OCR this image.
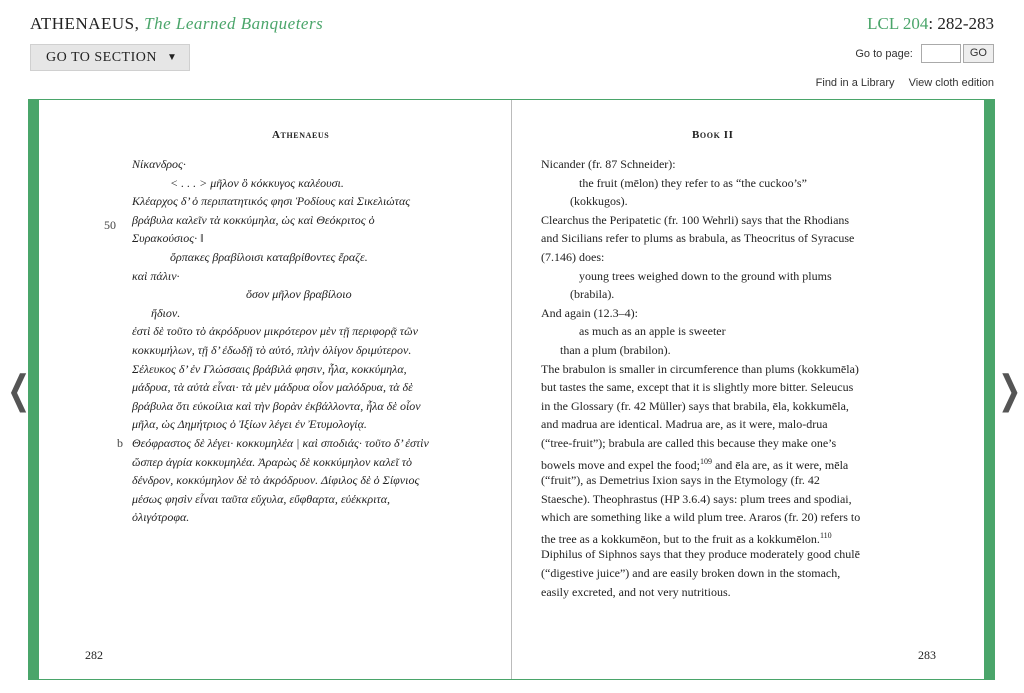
ATHENAEUS, The Learned Banqueters	LCL 204: 282-283
GO TO SECTION ▼	Go to page:	GO
Find in a Library View cloth edition
Athenaeus	Book II
50
b
Νίκανδρος·
< . . . > μῆλον ὃ κόκκυγος καλέουσι.
Κλέαρχος δ’ ὁ περιπατητικός φησι Ῥοδίους καὶ Σικελιώτας
βράβυλα καλεῖν τὰ κοκκύμηλα, ὡς καὶ Θεόκριτος ὁ
Συρακούσιος· ‖
ὄρπακες βραβίλοισι καταβρίθοντες ἔραζε.
καὶ πάλιν·
ὅσον μῆλον βραβίλοιο
ἥδιον.
ἐστὶ δὲ τοῦτο τὸ ἀκρόδρυον μικρότερον μὲν τῇ περιφορᾷ τῶν
κοκκυμήλων, τῇ δ’ ἐδωδῇ τὸ αὐτό, πλὴν ὀλίγον δριμύτερον.
Σέλευκος δ’ ἐν Γλώσσαις βράβιλά φησιν, ἦλα, κοκκύμηλα,
μάδρυα, τὰ αὐτὰ εἶναι· τὰ μὲν μάδρυα οἷον μαλόδρυα, τὰ δὲ
βράβυλα ὅτι εὐκοίλια καὶ τὴν βορὰν ἐκβάλλοντα, ἦλα δὲ οἷον
μῆλα, ὡς Δημήτριος ὁ Ἰξίων λέγει ἐν Ἐτυμολογίᾳ.
Θεόφραστος δὲ λέγει· κοκκυμηλέα | καὶ σποδιάς· τοῦτο δ’ ἐστὶν
ὥσπερ ἀγρία κοκκυμηλέα. Ἀραρὼς δὲ κοκκύμηλον καλεῖ τὸ
δένδρον, κοκκύμηλον δὲ τὸ ἀκρόδρυον. Δίφιλος δὲ ὁ Σίφνιος
μέσως φησὶν εἶναι ταῦτα εὔχυλα, εὔφθαρτα, εὐέκκριτα,
ὀλιγότροφα.
Nicander (fr. 87 Schneider):
the fruit (mēlon) they refer to as “the cuckoo’s”
(kokkugos).
Clearchus the Peripatetic (fr. 100 Wehrli) says that the Rhodians
and Sicilians refer to plums as brabula, as Theocritus of Syracuse
(7.146) does:
young trees weighed down to the ground with plums
(brabila).
And again (12.3–4):
as much as an apple is sweeter
than a plum (brabilon).
The brabulon is smaller in circumference than plums (kokkumēla)
but tastes the same, except that it is slightly more bitter. Seleucus
in the Glossary (fr. 42 Müller) says that brabila, ēla, kokkumēla,
and madrua are identical. Madrua are, as it were, malo-drua
(“tree-fruit”); brabula are called this because they make one’s
bowels move and expel the food;$^{109}$ and ēla are, as it were, mēla
(“fruit”), as Demetrius Ixion says in the Etymology (fr. 42
Staesche). Theophrastus (HP 3.6.4) says: plum trees and spodiai,
which are something like a wild plum tree. Araros (fr. 20) refers to
the tree as a kokkumēon, but to the fruit as a kokkumēlon.$^{110}$
Diphilus of Siphnos says that they produce moderately good chulē
(“digestive juice”) and are easily broken down in the stomach,
easily excreted, and not very nutritious.
282	283
❮	❯
